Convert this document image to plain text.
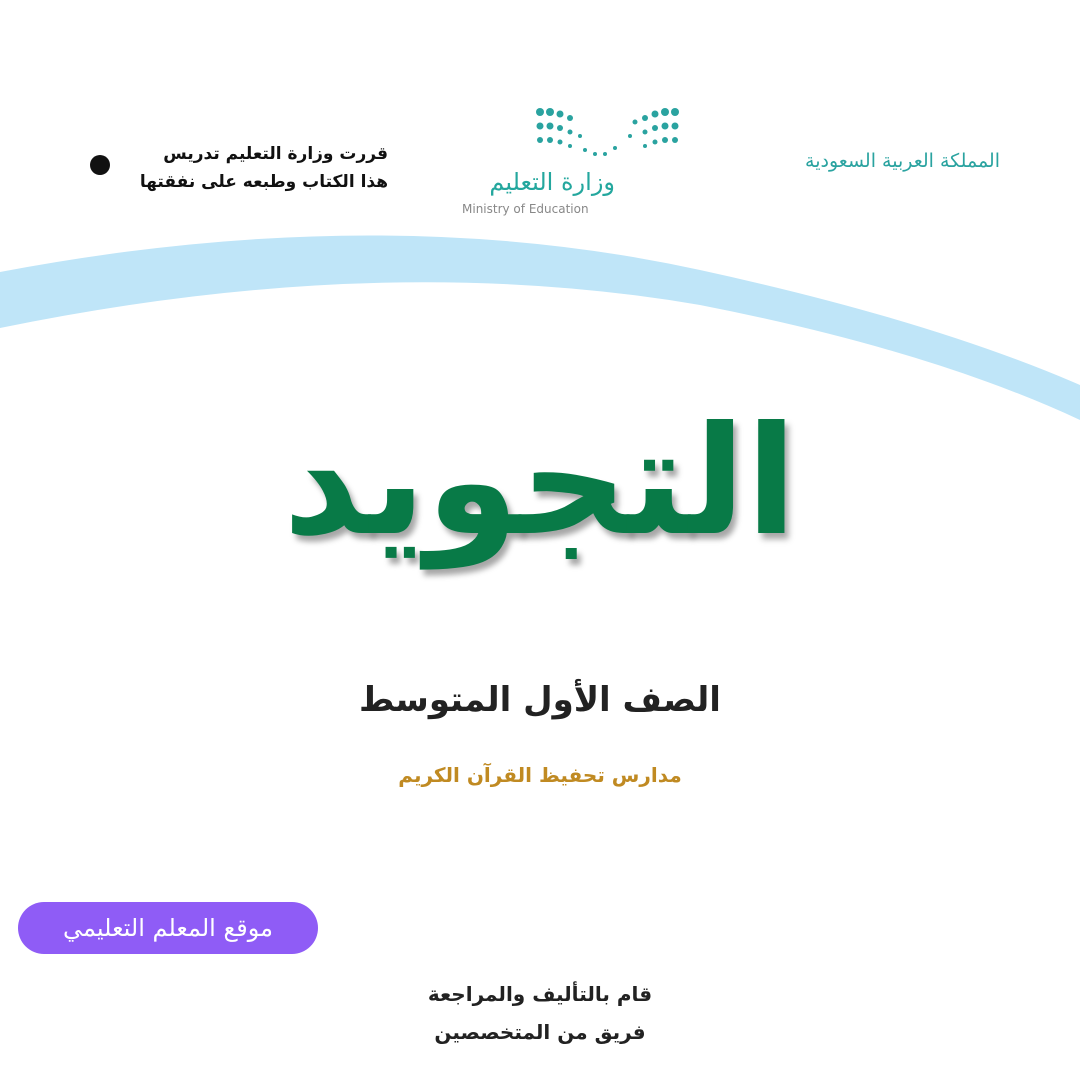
المملكة العربية السعودية
وزارة التعليم
Ministry of Education
قررت وزارة التعليم تدريس
هذا الكتاب وطبعه على نفقتها
التجويد
الصف الأول المتوسط
مدارس تحفيظ القرآن الكريم
موقع المعلم التعليمي
قام بالتأليف والمراجعة
فريق من المتخصصين
